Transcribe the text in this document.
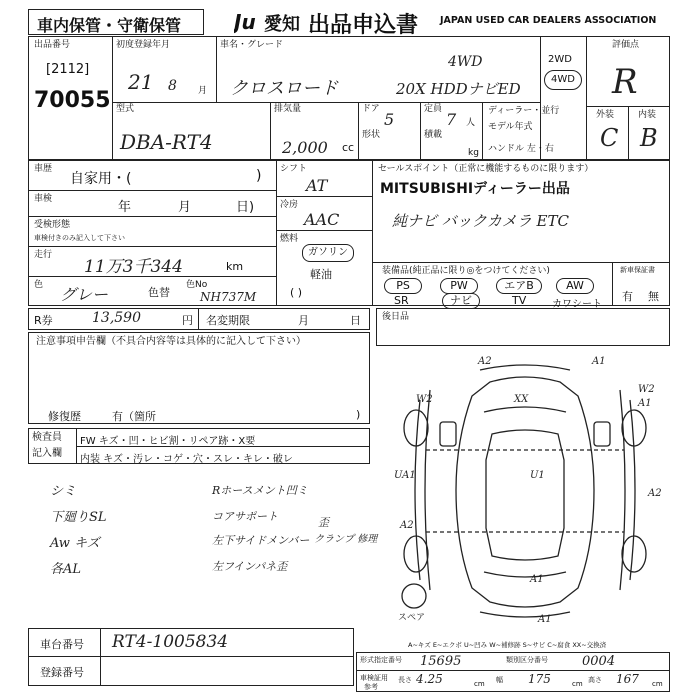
車内保管・守衛保管	Ju 愛知 出品申込書 JAPAN USED CAR DEALERS ASSOCIATION
出品番号
[2112]
70055
初度登録年月
21 8 月
車名・グレード
4WD
クロスロード	20X HDDナビED
2WD
4WD
評価点
R
外装	内装
C B
型式
DBA-RT4
排気量
2,000 cc
ドア
5
形状
定員
7 人
積載
kg
ディーラー・並行
モデル年式
ハンドル 左・右
車歴
自家用・(	)
車検
年	月	日)
受検形態
車検付きのみ記入して下さい
走行
11万3千344	km
色 グレー	色替
色No
NH737M
シフト
AT
冷房
AAC
燃料
ガソリン
軽油
( )
セールスポイント（正常に機能するものに限ります）
MITSUBISHIディーラー出品
純ナビ バックカメラ ETC
装備品(純正品に限り◎をつけてください)
PS	PW	エアB	AW
SR	ナビ	TV	カワシート
新車保証書
有 無
R券	13,590	円 名変期限	月	日 後日品
注意事項申告欄（不具合内容等は具体的に記入して下さい）
修復歴	有（箇所	)
検査員
記入欄
FW キズ・凹・ヒビ割・リペア跡・X要
内装 キズ・汚レ・コゲ・穴・スレ・キレ・破レ
シミ
下廻りSL
Aw キズ
各AL
Rホースメント凹ミ
コアサポート
左下サイドメンバー
左フインパネ歪
歪
クランプ 修理
A2	A1
W2
W2
A1
XX
U1
UA1
A2
A2
A1
A1
スペア
A~キズ E~エクボ U~凹み W~補修跡 S~サビ C~腐食 XX~交換済
車台番号 RT4-1005834
登録番号
形式指定番号 15695	類別区分番号	0004
車検証用
参考
長さ 4.25	cm 幅 175	cm 高さ 167 cm
